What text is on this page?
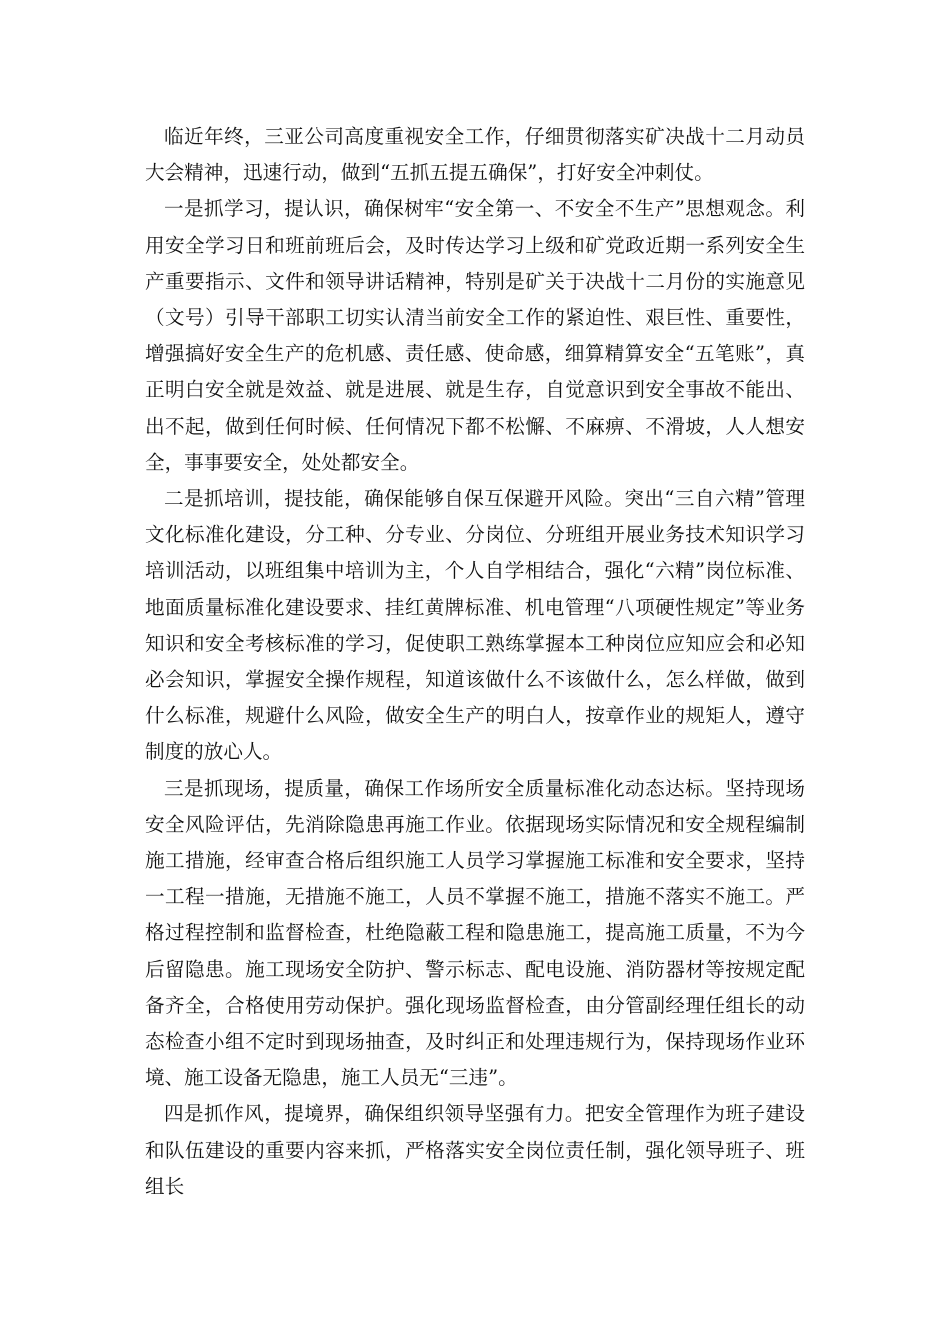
临近年终，三亚公司高度重视安全工作，仔细贯彻落实矿决战十二月动员大会精神，迅速行动，做到“五抓五提五确保”，打好安全冲刺仗。

一是抓学习，提认识，确保树牢“安全第一、不安全不生产”思想观念。利用安全学习日和班前班后会，及时传达学习上级和矿党政近期一系列安全生产重要指示、文件和领导讲话精神，特别是矿关于决战十二月份的实施意见（文号）引导干部职工切实认清当前安全工作的紧迫性、艰巨性、重要性，增强搞好安全生产的危机感、责任感、使命感，细算精算安全“五笔账”，真正明白安全就是效益、就是进展、就是生存，自觉意识到安全事故不能出、出不起，做到任何时候、任何情况下都不松懈、不麻痹、不滑坡，人人想安全，事事要安全，处处都安全。

二是抓培训，提技能，确保能够自保互保避开风险。突出“三自六精”管理文化标准化建设，分工种、分专业、分岗位、分班组开展业务技术知识学习培训活动，以班组集中培训为主，个人自学相结合，强化“六精”岗位标准、地面质量标准化建设要求、挂红黄牌标准、机电管理“八项硬性规定”等业务知识和安全考核标准的学习，促使职工熟练掌握本工种岗位应知应会和必知必会知识，掌握安全操作规程，知道该做什么不该做什么，怎么样做，做到什么标准，规避什么风险，做安全生产的明白人，按章作业的规矩人，遵守制度的放心人。

三是抓现场，提质量，确保工作场所安全质量标准化动态达标。坚持现场安全风险评估，先消除隐患再施工作业。依据现场实际情况和安全规程编制施工措施，经审查合格后组织施工人员学习掌握施工标准和安全要求，坚持一工程一措施，无措施不施工，人员不掌握不施工，措施不落实不施工。严格过程控制和监督检查，杜绝隐蔽工程和隐患施工，提高施工质量，不为今后留隐患。施工现场安全防护、警示标志、配电设施、消防器材等按规定配备齐全，合格使用劳动保护。强化现场监督检查，由分管副经理任组长的动态检查小组不定时到现场抽查，及时纠正和处理违规行为，保持现场作业环境、施工设备无隐患，施工人员无“三违”。

四是抓作风，提境界，确保组织领导坚强有力。把安全管理作为班子建设和队伍建设的重要内容来抓，严格落实安全岗位责任制，强化领导班子、班组长
